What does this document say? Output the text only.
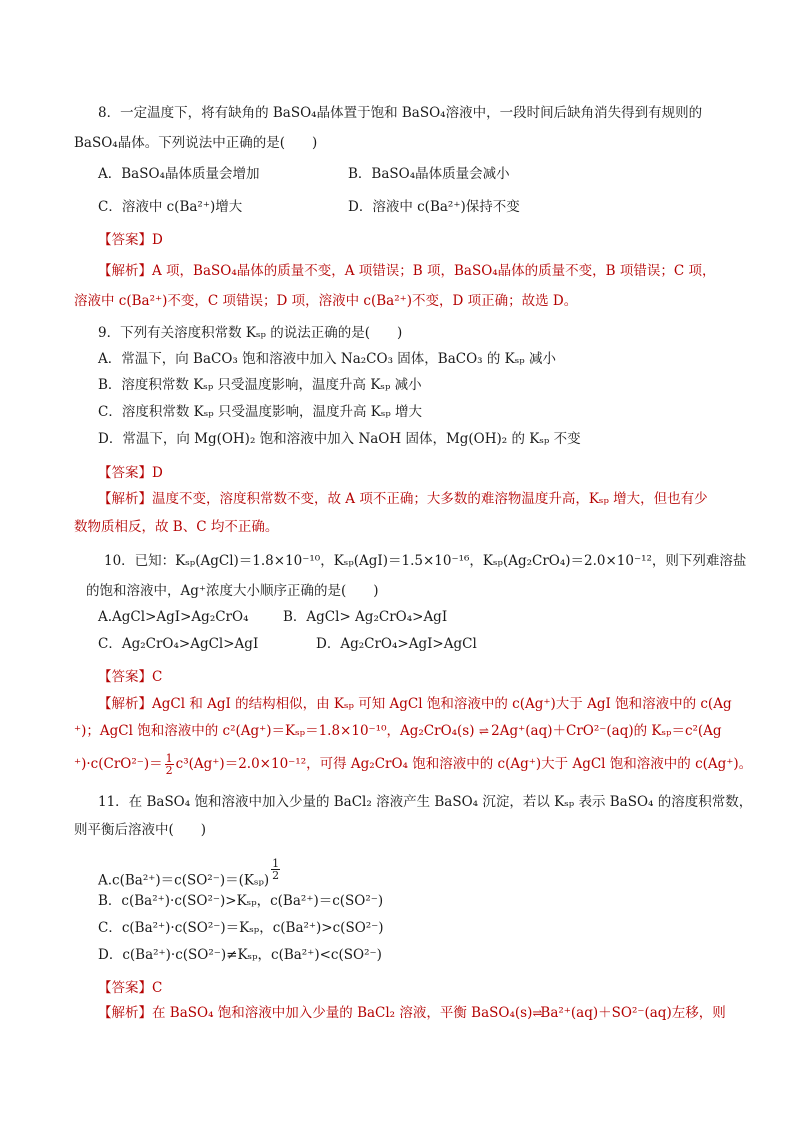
8．一定温度下，将有缺角的 BaSO₄晶体置于饱和 BaSO₄溶液中，一段时间后缺角消失得到有规则的
BaSO₄晶体。下列说法中正确的是(　　)
A．BaSO₄晶体质量会增加	B．BaSO₄晶体质量会减小
C．溶液中 c(Ba²⁺)增大	D．溶液中 c(Ba²⁺)保持不变
【答案】D
【解析】A 项，BaSO₄晶体的质量不变，A 项错误；B 项，BaSO₄晶体的质量不变，B 项错误；C 项，
溶液中 c(Ba²⁺)不变，C 项错误；D 项，溶液中 c(Ba²⁺)不变，D 项正确；故选 D。
9．下列有关溶度积常数 Kₛₚ 的说法正确的是(　　)
A．常温下，向 BaCO₃ 饱和溶液中加入 Na₂CO₃ 固体，BaCO₃ 的 Kₛₚ 减小
B．溶度积常数 Kₛₚ 只受温度影响，温度升高 Kₛₚ 减小
C．溶度积常数 Kₛₚ 只受温度影响，温度升高 Kₛₚ 增大
D．常温下，向 Mg(OH)₂ 饱和溶液中加入 NaOH 固体，Mg(OH)₂ 的 Kₛₚ 不变
【答案】D
【解析】温度不变，溶度积常数不变，故 A 项不正确；大多数的难溶物温度升高，Kₛₚ 增大，但也有少
数物质相反，故 B、C 均不正确。
10．已知：Kₛₚ(AgCl)＝1.8×10⁻¹⁰，Kₛₚ(AgI)＝1.5×10⁻¹⁶，Kₛₚ(Ag₂CrO₄)＝2.0×10⁻¹²，则下列难溶盐
的饱和溶液中，Ag⁺浓度大小顺序正确的是(　　)
A.AgCl>AgI>Ag₂CrO₄	B．AgCl> Ag₂CrO₄>AgI
C．Ag₂CrO₄>AgCl>AgI	D．Ag₂CrO₄>AgI>AgCl
【答案】C
【解析】AgCl 和 AgI 的结构相似，由 Kₛₚ 可知 AgCl 饱和溶液中的 c(Ag⁺)大于 AgI 饱和溶液中的 c(Ag
⁺)；AgCl 饱和溶液中的 c²(Ag⁺)＝Kₛₚ＝1.8×10⁻¹⁰，Ag₂CrO₄(s) ⇌ 2Ag⁺(aq)＋CrO²⁻(aq)的 Kₛₚ＝c²(Ag
$^+)\cdot c(CrO^{2-})= \frac{1}{2} c^3(Ag^+)=2.0\times 10^{-12}$，可得 Ag₂CrO₄ 饱和溶液中的 c(Ag⁺)大于 AgCl 饱和溶液中的 c(Ag⁺)。
11．在 BaSO₄ 饱和溶液中加入少量的 BaCl₂ 溶液产生 BaSO₄ 沉淀，若以 Kₛₚ 表示 BaSO₄ 的溶度积常数，
则平衡后溶液中(　　)
$A.c(Ba^{2+})=c(SO^{2-})=(K_{sp}) \frac{1}{2}$
B．c(Ba²⁺)·c(SO²⁻)>Kₛₚ，c(Ba²⁺)＝c(SO²⁻)
C．c(Ba²⁺)·c(SO²⁻)＝Kₛₚ，c(Ba²⁺)>c(SO²⁻)
D．c(Ba²⁺)·c(SO²⁻)≠Kₛₚ，c(Ba²⁺)<c(SO²⁻)
【答案】C
【解析】在 BaSO₄ 饱和溶液中加入少量的 BaCl₂ 溶液，平衡 BaSO₄(s)⇌Ba²⁺(aq)＋SO²⁻(aq)左移，则
